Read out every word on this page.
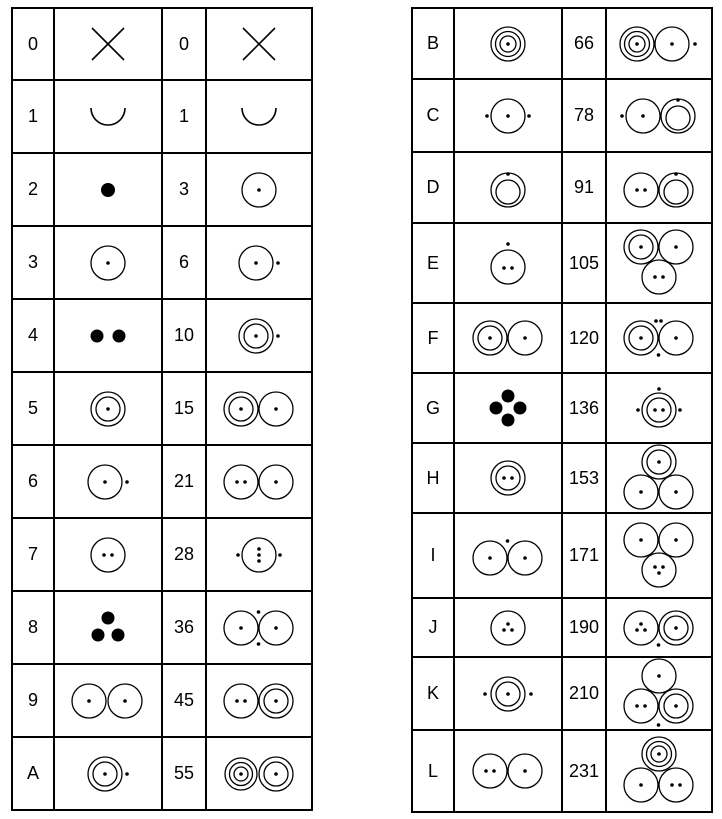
0		0	

1		1	

2		3	

3		6	

4		10	

5		15	

6		21	

7		28	

8		36	

9		45	

A		55	
B		66	

C		78	

D		91	

E		105	

F		120	

G		136	

H		153	

I		171	

J		190	

K		210	

L		231	
